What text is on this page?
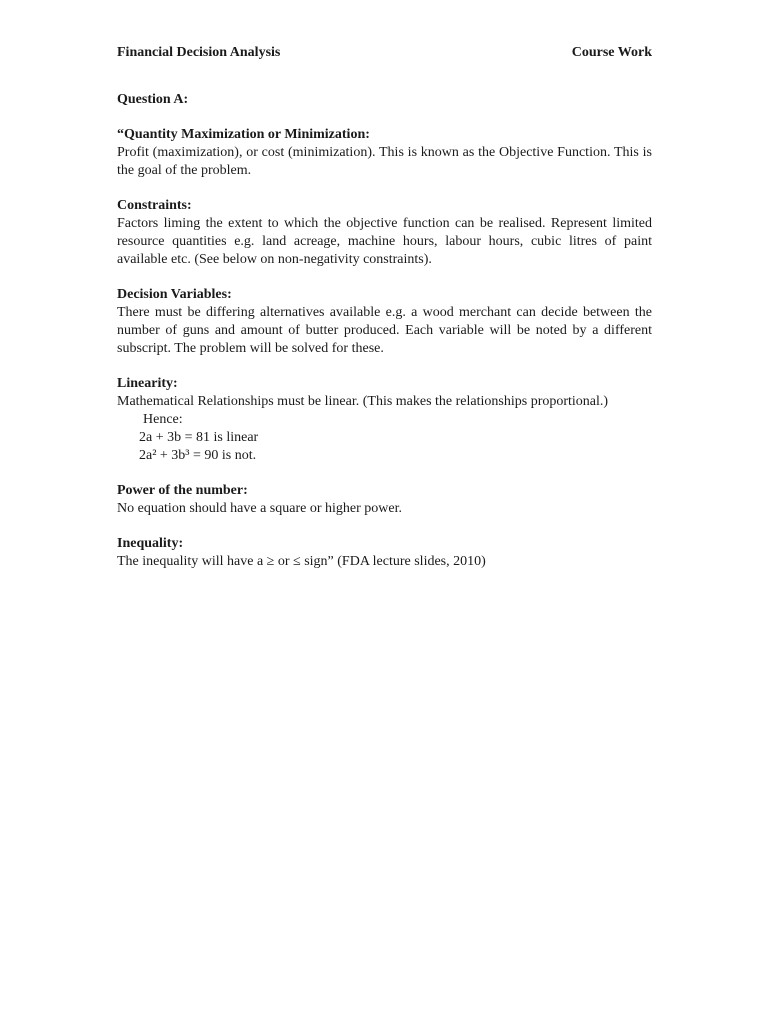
Financial Decision Analysis	Course Work
Question A:
“Quantity Maximization or Minimization:
Profit (maximization), or cost (minimization). This is known as the Objective Function. This is the goal of the problem.
Constraints:
Factors liming the extent to which the objective function can be realised. Represent limited resource quantities e.g. land acreage, machine hours, labour hours, cubic litres of paint available etc. (See below on non-negativity constraints).
Decision Variables:
There must be differing alternatives available e.g. a wood merchant can decide between the number of guns and amount of butter produced. Each variable will be noted by a different subscript. The problem will be solved for these.
Linearity:
Mathematical Relationships must be linear. (This makes the relationships proportional.)
Hence:
2a + 3b = 81 is linear
2a² + 3b³ = 90 is not.
Power of the number:
No equation should have a square or higher power.
Inequality:
The inequality will have a ≥ or ≤ sign” (FDA lecture slides, 2010)
